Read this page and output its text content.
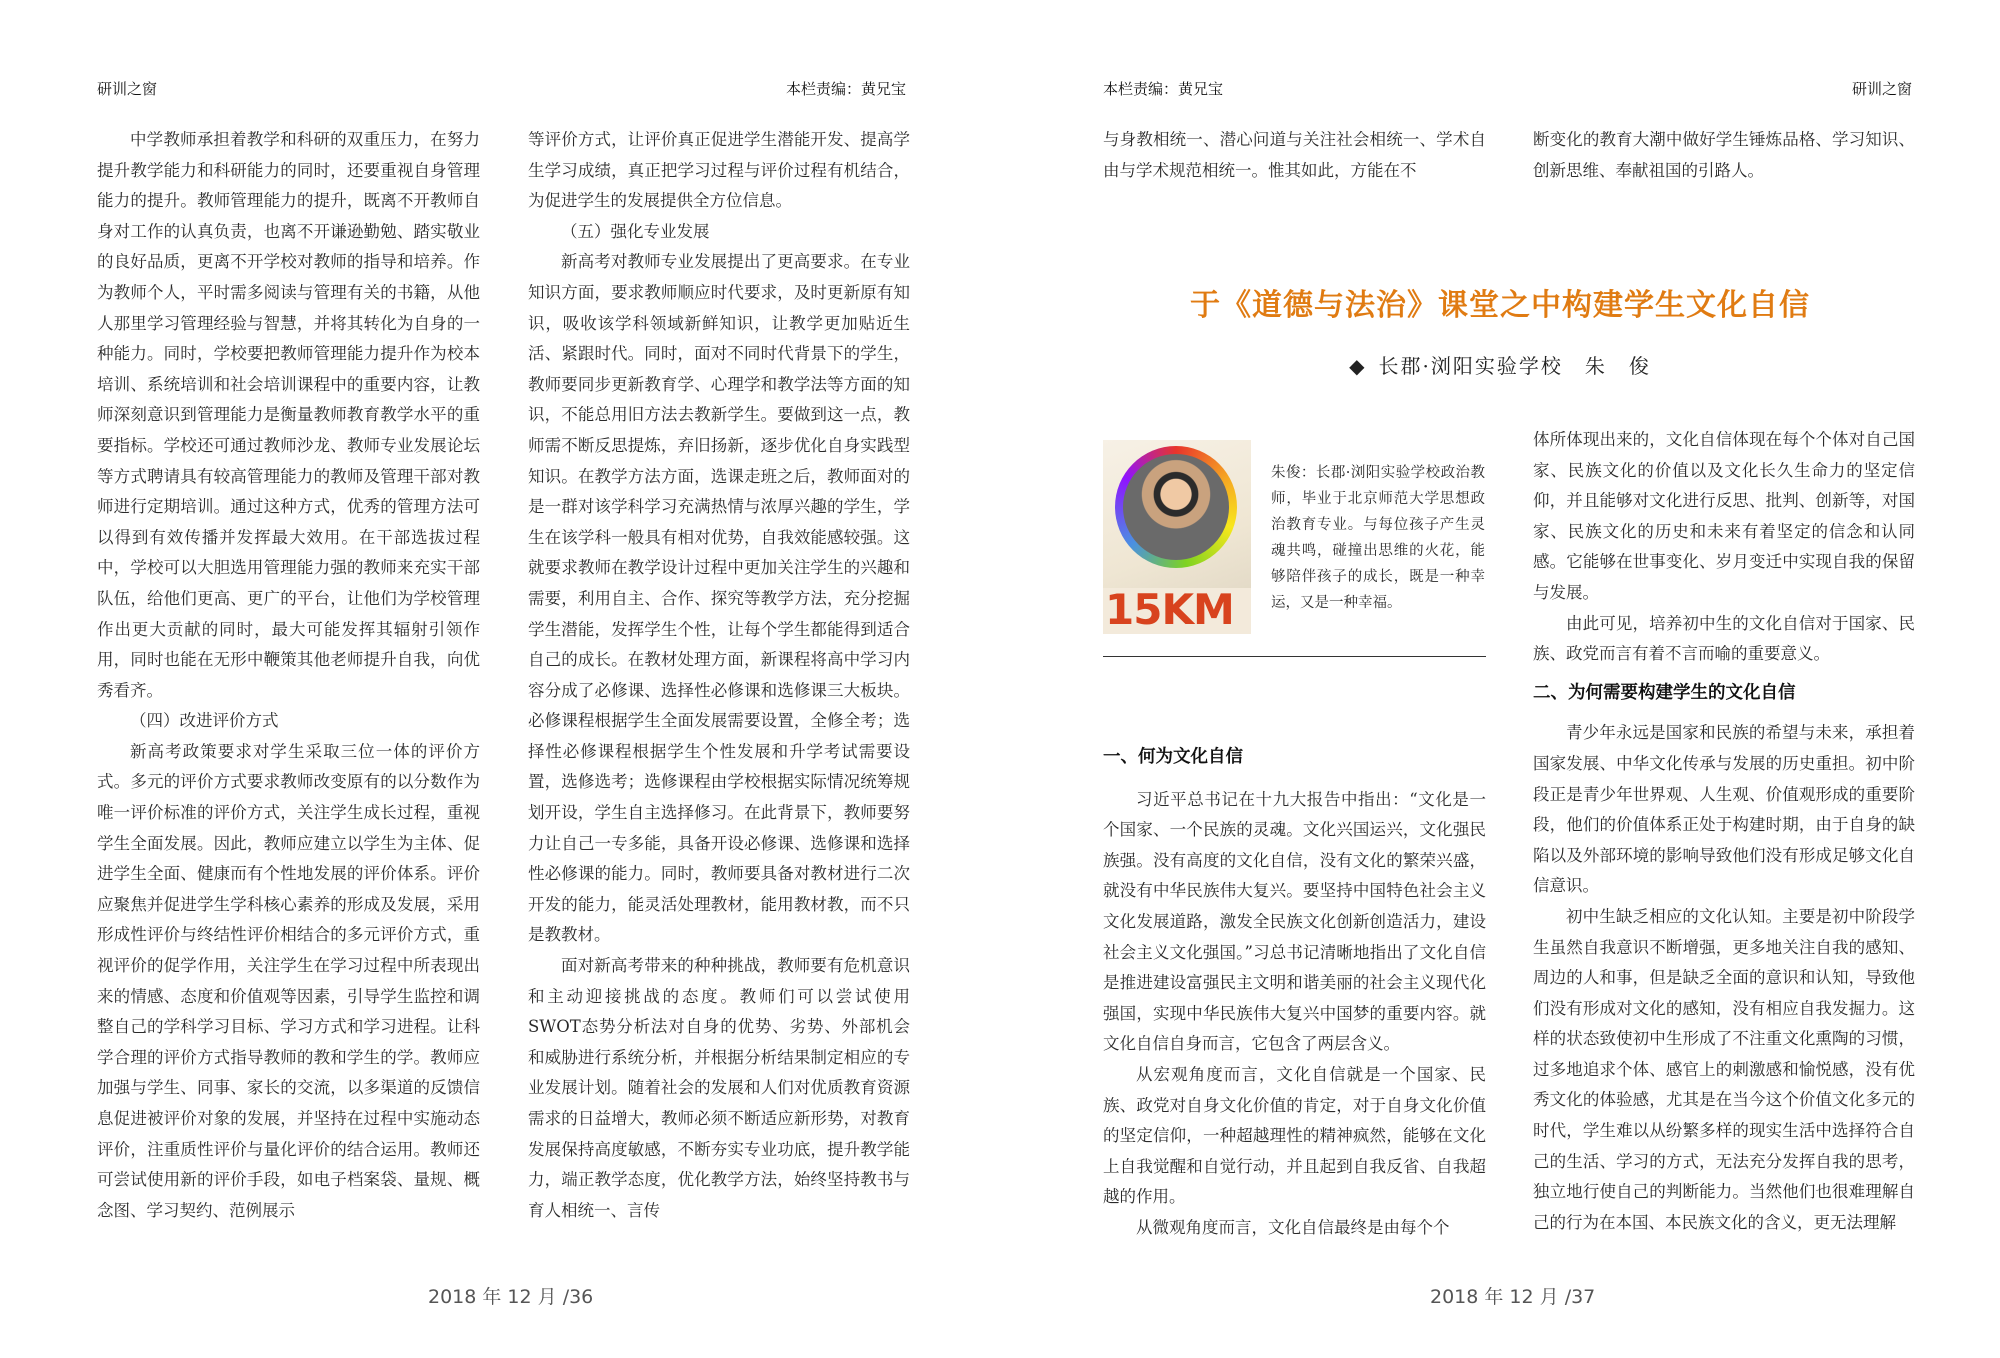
研训之窗	本栏责编：黄兄宝

中学教师承担着教学和科研的双重压力，在努力提升教学能力和科研能力的同时，还要重视自身管理能力的提升。教师管理能力的提升，既离不开教师自身对工作的认真负责，也离不开谦逊勤勉、踏实敬业的良好品质，更离不开学校对教师的指导和培养。作为教师个人，平时需多阅读与管理有关的书籍，从他人那里学习管理经验与智慧，并将其转化为自身的一种能力。同时，学校要把教师管理能力提升作为校本培训、系统培训和社会培训课程中的重要内容，让教师深刻意识到管理能力是衡量教师教育教学水平的重要指标。学校还可通过教师沙龙、教师专业发展论坛等方式聘请具有较高管理能力的教师及管理干部对教师进行定期培训。通过这种方式，优秀的管理方法可以得到有效传播并发挥最大效用。在干部选拔过程中，学校可以大胆选用管理能力强的教师来充实干部队伍，给他们更高、更广的平台，让他们为学校管理作出更大贡献的同时，最大可能发挥其辐射引领作用，同时也能在无形中鞭策其他老师提升自我，向优秀看齐。

（四）改进评价方式

新高考政策要求对学生采取三位一体的评价方式。多元的评价方式要求教师改变原有的以分数作为唯一评价标准的评价方式，关注学生成长过程，重视学生全面发展。因此，教师应建立以学生为主体、促进学生全面、健康而有个性地发展的评价体系。评价应聚焦并促进学生学科核心素养的形成及发展，采用形成性评价与终结性评价相结合的多元评价方式，重视评价的促学作用，关注学生在学习过程中所表现出来的情感、态度和价值观等因素，引导学生监控和调整自己的学科学习目标、学习方式和学习进程。让科学合理的评价方式指导教师的教和学生的学。教师应加强与学生、同事、家长的交流，以多渠道的反馈信息促进被评价对象的发展，并坚持在过程中实施动态评价，注重质性评价与量化评价的结合运用。教师还可尝试使用新的评价手段，如电子档案袋、量规、概念图、学习契约、范例展示

等评价方式，让评价真正促进学生潜能开发、提高学生学习成绩，真正把学习过程与评价过程有机结合，为促进学生的发展提供全方位信息。

（五）强化专业发展

新高考对教师专业发展提出了更高要求。在专业知识方面，要求教师顺应时代要求，及时更新原有知识，吸收该学科领域新鲜知识，让教学更加贴近生活、紧跟时代。同时，面对不同时代背景下的学生，教师要同步更新教育学、心理学和教学法等方面的知识，不能总用旧方法去教新学生。要做到这一点，教师需不断反思提炼，弃旧扬新，逐步优化自身实践型知识。在教学方法方面，选课走班之后，教师面对的是一群对该学科学习充满热情与浓厚兴趣的学生，学生在该学科一般具有相对优势，自我效能感较强。这就要求教师在教学设计过程中更加关注学生的兴趣和需要，利用自主、合作、探究等教学方法，充分挖掘学生潜能，发挥学生个性，让每个学生都能得到适合自己的成长。在教材处理方面，新课程将高中学习内容分成了必修课、选择性必修课和选修课三大板块。必修课程根据学生全面发展需要设置，全修全考；选择性必修课程根据学生个性发展和升学考试需要设置，选修选考；选修课程由学校根据实际情况统筹规划开设，学生自主选择修习。在此背景下，教师要努力让自己一专多能，具备开设必修课、选修课和选择性必修课的能力。同时，教师要具备对教材进行二次开发的能力，能灵活处理教材，能用教材教，而不只是教教材。

面对新高考带来的种种挑战，教师要有危机意识和主动迎接挑战的态度。教师们可以尝试使用SWOT态势分析法对自身的优势、劣势、外部机会和威胁进行系统分析，并根据分析结果制定相应的专业发展计划。随着社会的发展和人们对优质教育资源需求的日益增大，教师必须不断适应新形势，对教育发展保持高度敏感，不断夯实专业功底，提升教学能力，端正教学态度，优化教学方法，始终坚持教书与育人相统一、言传

2018 年 12 月 /36
本栏责编：黄兄宝	研训之窗

与身教相统一、潜心问道与关注社会相统一、学术自由与学术规范相统一。惟其如此，方能在不

断变化的教育大潮中做好学生锤炼品格、学习知识、创新思维、奉献祖国的引路人。

2018 年 12 月 /37
于《道德与法治》课堂之中构建学生文化自信
◆ 长郡·浏阳实验学校　朱　俊
15KM
朱俊：长郡·浏阳实验学校政治教师，毕业于北京师范大学思想政治教育专业。与每位孩子产生灵魂共鸣，碰撞出思维的火花，能够陪伴孩子的成长，既是一种幸运，又是一种幸福。

一、何为文化自信

习近平总书记在十九大报告中指出：“文化是一个国家、一个民族的灵魂。文化兴国运兴，文化强民族强。没有高度的文化自信，没有文化的繁荣兴盛，就没有中华民族伟大复兴。要坚持中国特色社会主义文化发展道路，激发全民族文化创新创造活力，建设社会主义文化强国。”习总书记清晰地指出了文化自信是推进建设富强民主文明和谐美丽的社会主义现代化强国，实现中华民族伟大复兴中国梦的重要内容。就文化自信自身而言，它包含了两层含义。

从宏观角度而言，文化自信就是一个国家、民族、政党对自身文化价值的肯定，对于自身文化价值的坚定信仰，一种超越理性的精神疯然，能够在文化上自我觉醒和自觉行动，并且起到自我反省、自我超越的作用。

从微观角度而言，文化自信最终是由每个个

体所体现出来的，文化自信体现在每个个体对自己国家、民族文化的价值以及文化长久生命力的坚定信仰，并且能够对文化进行反思、批判、创新等，对国家、民族文化的历史和未来有着坚定的信念和认同感。它能够在世事变化、岁月变迁中实现自我的保留与发展。

由此可见，培养初中生的文化自信对于国家、民族、政党而言有着不言而喻的重要意义。

二、为何需要构建学生的文化自信

青少年永远是国家和民族的希望与未来，承担着国家发展、中华文化传承与发展的历史重担。初中阶段正是青少年世界观、人生观、价值观形成的重要阶段，他们的价值体系正处于构建时期，由于自身的缺陷以及外部环境的影响导致他们没有形成足够文化自信意识。

初中生缺乏相应的文化认知。主要是初中阶段学生虽然自我意识不断增强，更多地关注自我的感知、周边的人和事，但是缺乏全面的意识和认知，导致他们没有形成对文化的感知，没有相应自我发掘力。这样的状态致使初中生形成了不注重文化熏陶的习惯，过多地追求个体、感官上的刺激感和愉悦感，没有优秀文化的体验感，尤其是在当今这个价值文化多元的时代，学生难以从纷繁多样的现实生活中选择符合自己的生活、学习的方式，无法充分发挥自我的思考，独立地行使自己的判断能力。当然他们也很难理解自己的行为在本国、本民族文化的含义，更无法理解
